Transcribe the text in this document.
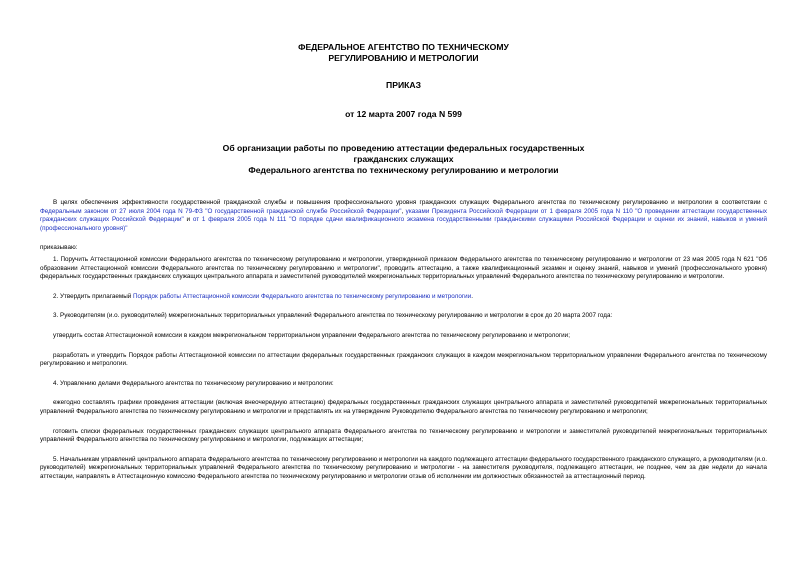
ФЕДЕРАЛЬНОЕ АГЕНТСТВО ПО ТЕХНИЧЕСКОМУ
РЕГУЛИРОВАНИЮ И МЕТРОЛОГИИ
ПРИКАЗ
от 12 марта 2007 года N 599
Об организации работы по проведению аттестации федеральных государственных
гражданских служащих
Федерального агентства по техническому регулированию и метрологии

В целях обеспечения эффективности государственной гражданской службы и повышения профессионального уровня гражданских служащих Федерального агентства по техническому регулированию и метрологии в соответствии с Федеральным законом от 27 июля 2004 года N 79-ФЗ "О государственной гражданской службе Российской Федерации", указами Президента Российской Федерации от 1 февраля 2005 года N 110 "О проведении аттестации государственных гражданских служащих Российской Федерации" и от 1 февраля 2005 года N 111 "О порядке сдачи квалификационного экзамена государственными гражданскими служащими Российской Федерации и оценки их знаний, навыков и умений (профессионального уровня)"

приказываю:

1. Поручить Аттестационной комиссии Федерального агентства по техническому регулированию и метрологии, утвержденной приказом Федерального агентства по техническому регулированию и метрологии от 23 мая 2005 года N 621 "Об образовании Аттестационной комиссии Федерального агентства по техническому регулированию и метрологии", проводить аттестацию, а также квалификационный экзамен и оценку знаний, навыков и умений (профессионального уровня) федеральных государственных гражданских служащих центрального аппарата и заместителей руководителей межрегиональных территориальных управлений Федерального агентства по техническому регулированию и метрологии.

2. Утвердить прилагаемый Порядок работы Аттестационной комиссии Федерального агентства по техническому регулированию и метрологии.

3. Руководителям (и.о. руководителей) межрегиональных территориальных управлений Федерального агентства по техническому регулированию и метрологии в срок до 20 марта 2007 года:

утвердить состав Аттестационной комиссии в каждом межрегиональном территориальном управлении Федерального агентства по техническому регулированию и метрологии;

разработать и утвердить Порядок работы Аттестационной комиссии по аттестации федеральных государственных гражданских служащих в каждом межрегиональном территориальном управлении Федерального агентства по техническому регулированию и метрологии.

4. Управлению делами Федерального агентства по техническому регулированию и метрологии:

ежегодно составлять графики проведения аттестации (включая внеочередную аттестацию) федеральных государственных гражданских служащих центрального аппарата и заместителей руководителей межрегиональных территориальных управлений Федерального агентства по техническому регулированию и метрологии и представлять их на утверждение Руководителю Федерального агентства по техническому регулированию и метрологии;

готовить списки федеральных государственных гражданских служащих центрального аппарата Федерального агентства по техническому регулированию и метрологии и заместителей руководителей межрегиональных территориальных управлений Федерального агентства по техническому регулированию и метрологии, подлежащих аттестации;

5. Начальникам управлений центрального аппарата Федерального агентства по техническому регулированию и метрологии на каждого подлежащего аттестации федерального государственного гражданского служащего, а руководителям (и.о. руководителей) межрегиональных территориальных управлений Федерального агентства по техническому регулированию и метрологии - на заместителя руководителя, подлежащего аттестации, не позднее, чем за две недели до начала аттестации, направлять в Аттестационную комиссию Федерального агентства по техническому регулированию и метрологии отзыв об исполнении им должностных обязанностей за аттестационный период.
